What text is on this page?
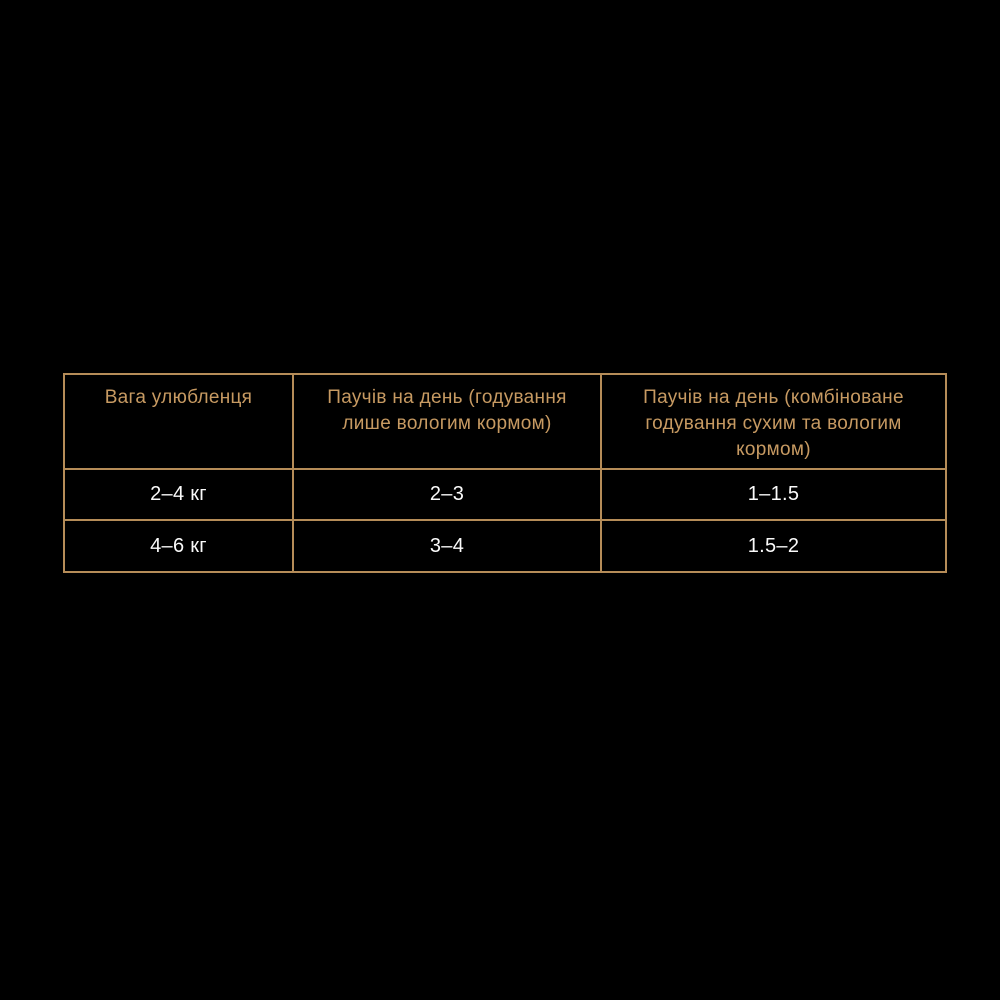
Вага улюбленця	Паучів на день (годування лише вологим кормом)	Паучів на день (комбіноване годування сухим та вологим кормом)
2–4 кг	2–3	1–1.5
4–6 кг	3–4	1.5–2
